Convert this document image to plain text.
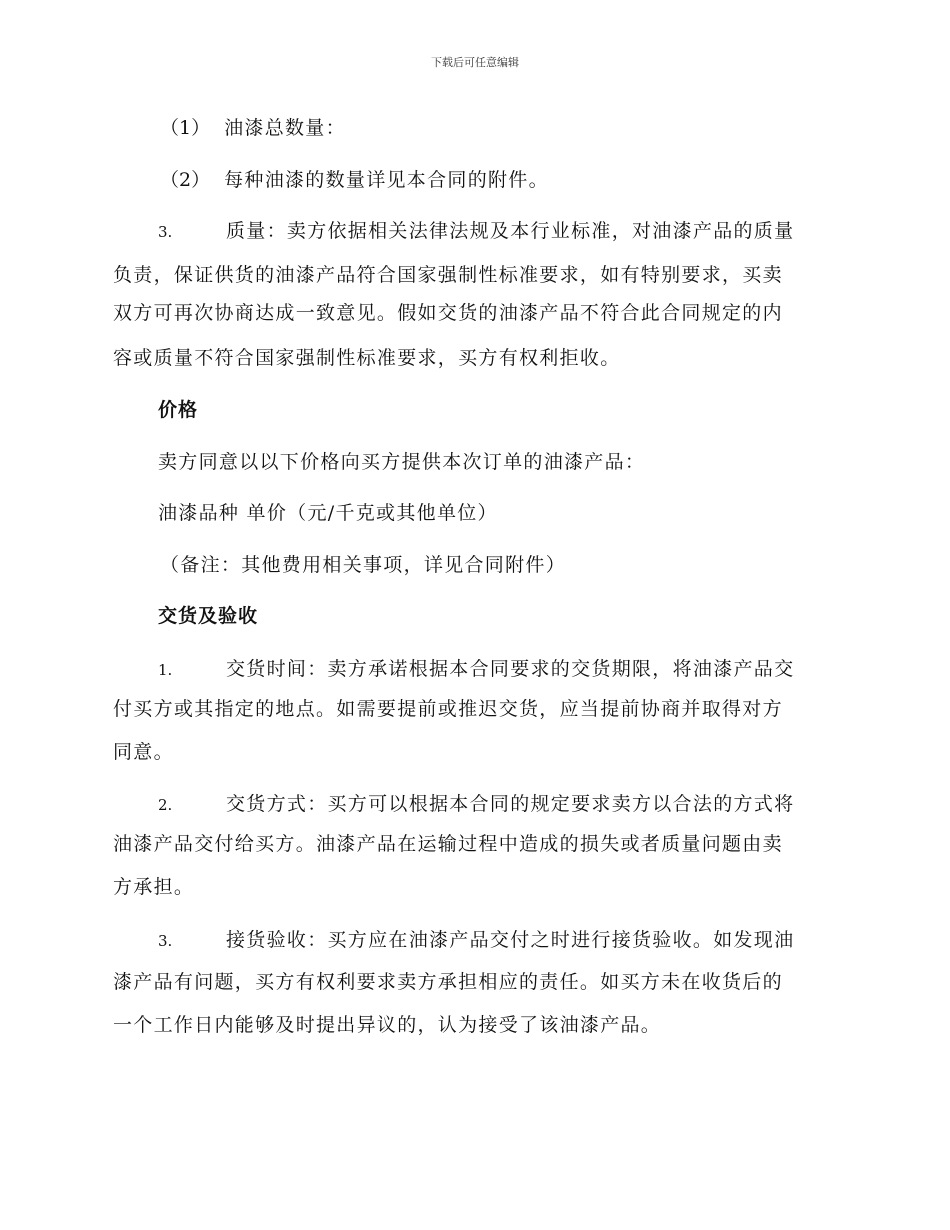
下载后可任意编辑
（1） 油漆总数量：
（2） 每种油漆的数量详见本合同的附件。
3.	质量：卖方依据相关法律法规及本行业标准，对油漆产品的质量
负责，保证供货的油漆产品符合国家强制性标准要求，如有特别要求，买卖
双方可再次协商达成一致意见。假如交货的油漆产品不符合此合同规定的内
容或质量不符合国家强制性标准要求，买方有权利拒收。
价格
卖方同意以以下价格向买方提供本次订单的油漆产品：
油漆品种 单价（元/千克或其他单位）
（备注：其他费用相关事项，详见合同附件）
交货及验收
1.	交货时间：卖方承诺根据本合同要求的交货期限，将油漆产品交
付买方或其指定的地点。如需要提前或推迟交货，应当提前协商并取得对方
同意。
2.	交货方式：买方可以根据本合同的规定要求卖方以合法的方式将
油漆产品交付给买方。油漆产品在运输过程中造成的损失或者质量问题由卖
方承担。
3.	接货验收：买方应在油漆产品交付之时进行接货验收。如发现油
漆产品有问题，买方有权利要求卖方承担相应的责任。如买方未在收货后的
一个工作日内能够及时提出异议的，认为接受了该油漆产品。
